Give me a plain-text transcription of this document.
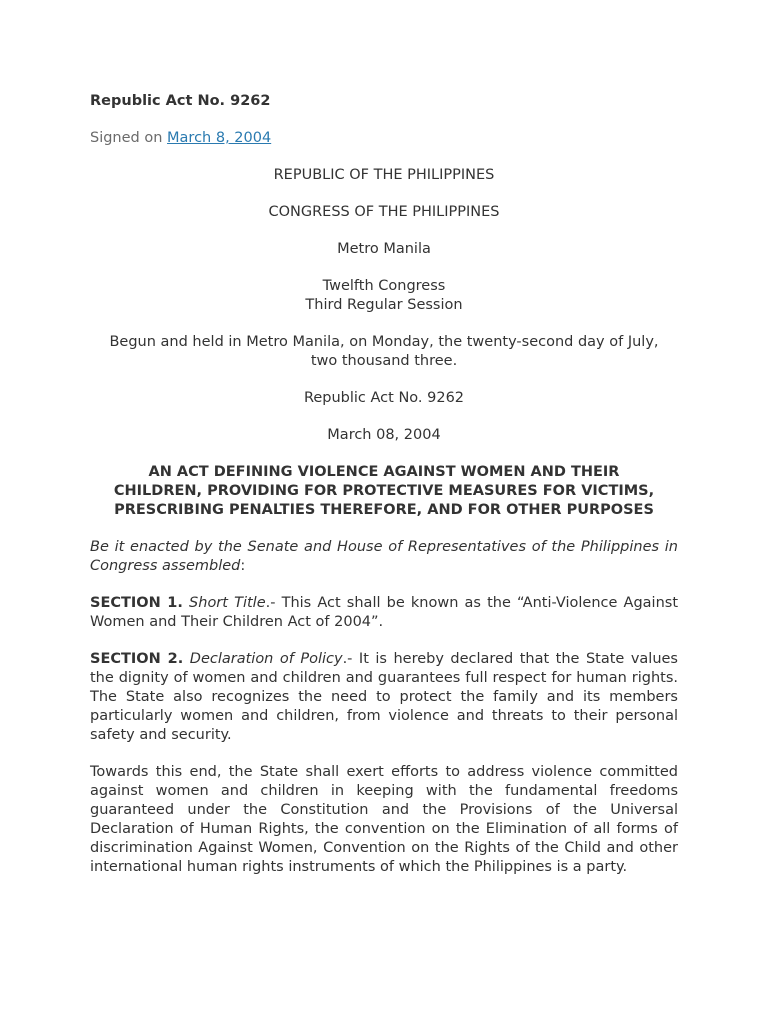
Republic Act No. 9262

Signed on March 8, 2004

REPUBLIC OF THE PHILIPPINES

CONGRESS OF THE PHILIPPINES

Metro Manila

Twelfth Congress
Third Regular Session

Begun and held in Metro Manila, on Monday, the twenty-second day of July,
two thousand three.

Republic Act No. 9262

March 08, 2004

AN ACT DEFINING VIOLENCE AGAINST WOMEN AND THEIR
CHILDREN, PROVIDING FOR PROTECTIVE MEASURES FOR VICTIMS,
PRESCRIBING PENALTIES THEREFORE, AND FOR OTHER PURPOSES

Be it enacted by the Senate and House of Representatives of the Philippines in Congress assembled:

SECTION 1. Short Title.- This Act shall be known as the “Anti-Violence Against Women and Their Children Act of 2004”.

SECTION 2. Declaration of Policy.- It is hereby declared that the State values the dignity of women and children and guarantees full respect for human rights. The State also recognizes the need to protect the family and its members particularly women and children, from violence and threats to their personal safety and security.

Towards this end, the State shall exert efforts to address violence committed against women and children in keeping with the fundamental freedoms guaranteed under the Constitution and the Provisions of the Universal Declaration of Human Rights, the convention on the Elimination of all forms of discrimination Against Women, Convention on the Rights of the Child and other international human rights instruments of which the Philippines is a party.
